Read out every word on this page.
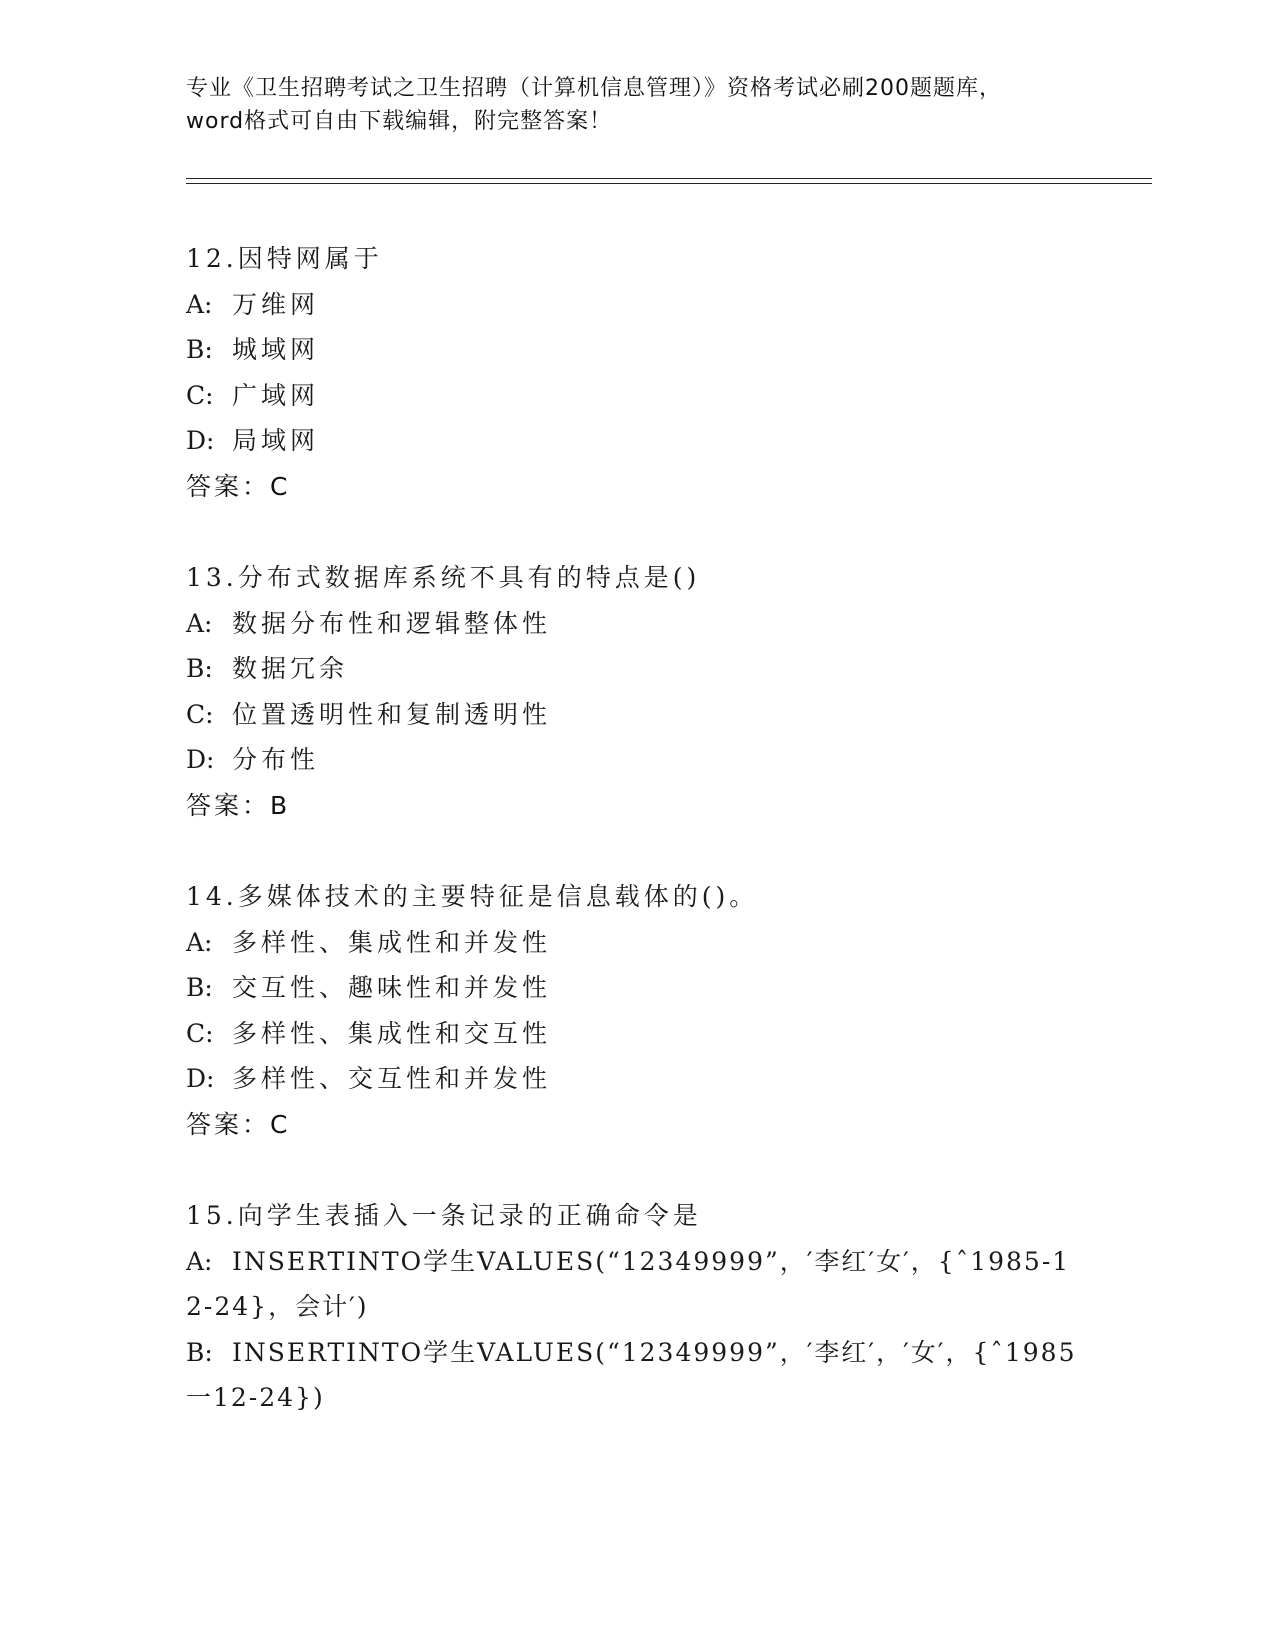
专业《卫生招聘考试之卫生招聘（计算机信息管理）》资格考试必刷200题题库，
word格式可自由下载编辑，附完整答案！
12.因特网属于
A: 万维网
B: 城域网
C: 广域网
D: 局域网
答案：C
13.分布式数据库系统不具有的特点是()
A: 数据分布性和逻辑整体性
B: 数据冗余
C: 位置透明性和复制透明性
D: 分布性
答案：B
14.多媒体技术的主要特征是信息载体的()。
A: 多样性、集成性和并发性
B: 交互性、趣味性和并发性
C: 多样性、集成性和交互性
D: 多样性、交互性和并发性
答案：C
15.向学生表插入一条记录的正确命令是
A: INSERTINTO学生VALUES(“12349999”，′李红′女′，{ˆ1985-12-24}，会计′)
B: INSERTINTO学生VALUES(“12349999”，′李红′，′女′，{ˆ1985一12-24})
